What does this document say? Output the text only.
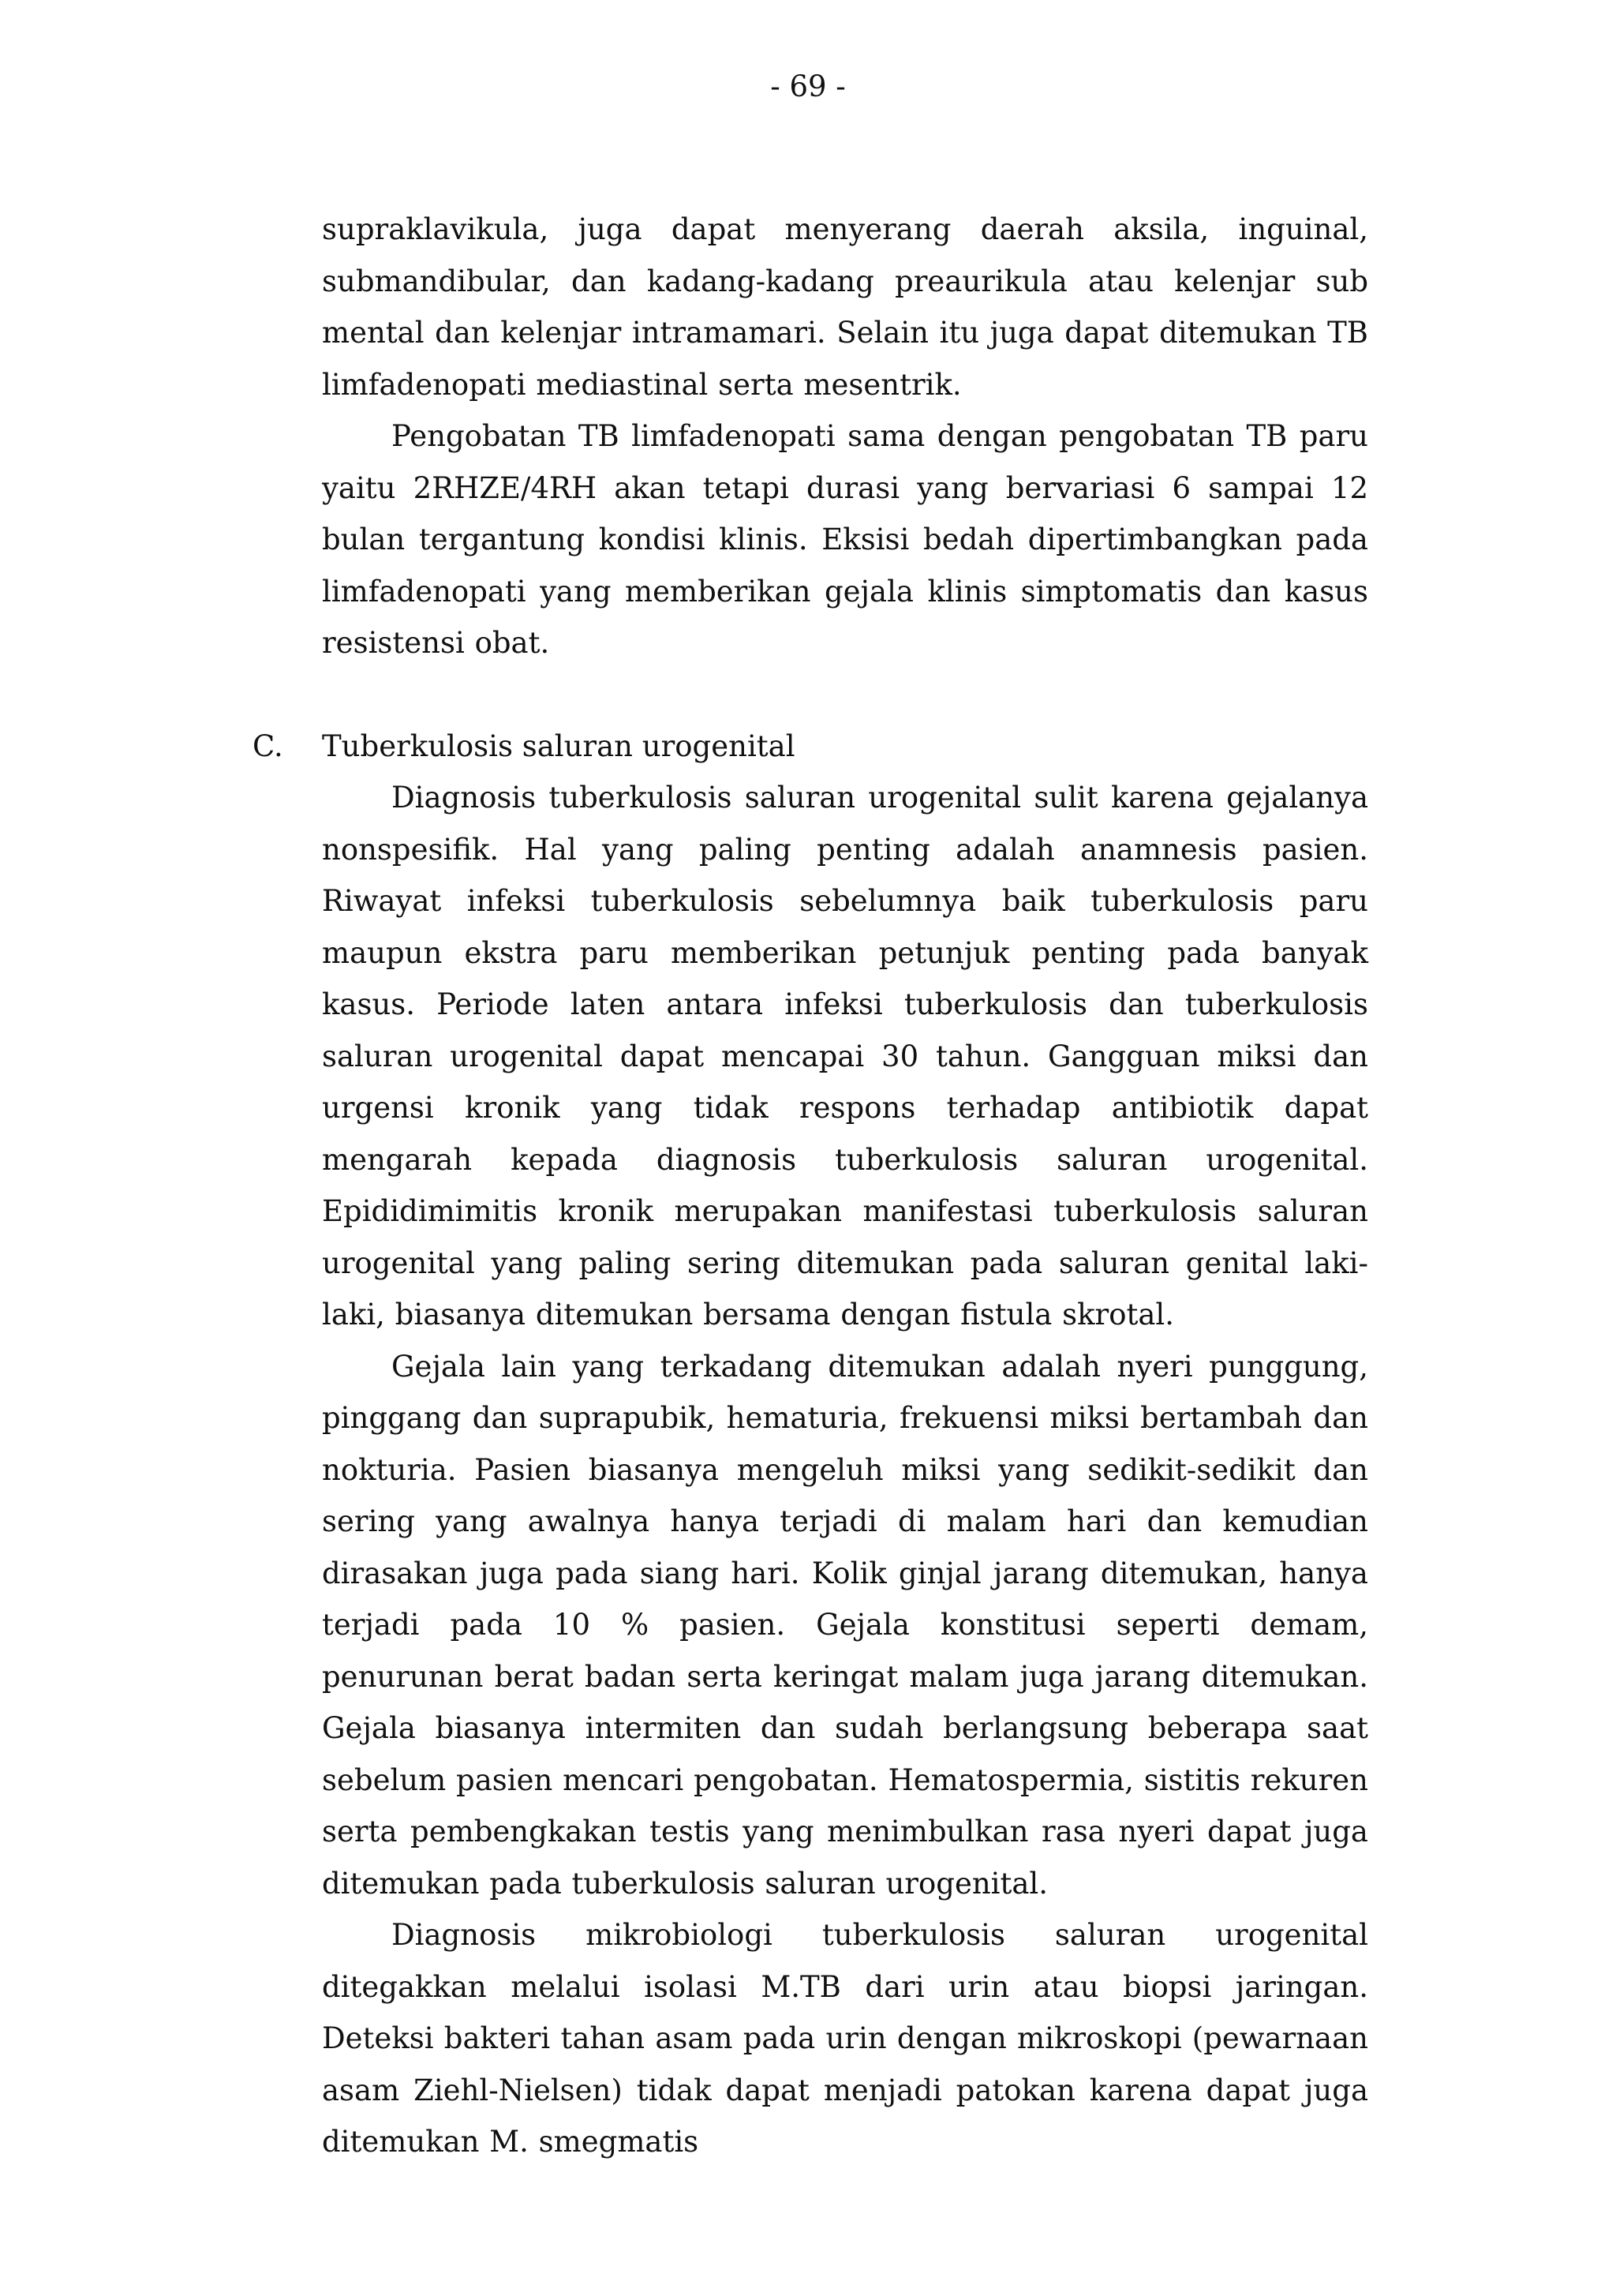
- 69 -

supraklavikula, juga dapat menyerang daerah aksila, inguinal, submandibular, dan kadang-kadang preaurikula atau kelenjar sub mental dan kelenjar intramamari. Selain itu juga dapat ditemukan TB limfadenopati mediastinal serta mesentrik.

Pengobatan TB limfadenopati sama dengan pengobatan TB paru yaitu 2RHZE/4RH akan tetapi durasi yang bervariasi 6 sampai 12 bulan tergantung kondisi klinis. Eksisi bedah dipertimbangkan pada limfadenopati yang memberikan gejala klinis simptomatis dan kasus resistensi obat.

C. Tuberkulosis saluran urogenital

Diagnosis tuberkulosis saluran urogenital sulit karena gejalanya nonspesifik. Hal yang paling penting adalah anamnesis pasien. Riwayat infeksi tuberkulosis sebelumnya baik tuberkulosis paru maupun ekstra paru memberikan petunjuk penting pada banyak kasus. Periode laten antara infeksi tuberkulosis dan tuberkulosis saluran urogenital dapat mencapai 30 tahun. Gangguan miksi dan urgensi kronik yang tidak respons terhadap antibiotik dapat mengarah kepada diagnosis tuberkulosis saluran urogenital. Epididimimitis kronik merupakan manifestasi tuberkulosis saluran urogenital yang paling sering ditemukan pada saluran genital laki-laki, biasanya ditemukan bersama dengan fistula skrotal.

Gejala lain yang terkadang ditemukan adalah nyeri punggung, pinggang dan suprapubik, hematuria, frekuensi miksi bertambah dan nokturia. Pasien biasanya mengeluh miksi yang sedikit-sedikit dan sering yang awalnya hanya terjadi di malam hari dan kemudian dirasakan juga pada siang hari. Kolik ginjal jarang ditemukan, hanya terjadi pada 10 % pasien. Gejala konstitusi seperti demam, penurunan berat badan serta keringat malam juga jarang ditemukan. Gejala biasanya intermiten dan sudah berlangsung beberapa saat sebelum pasien mencari pengobatan. Hematospermia, sistitis rekuren serta pembengkakan testis yang menimbulkan rasa nyeri dapat juga ditemukan pada tuberkulosis saluran urogenital.

Diagnosis mikrobiologi tuberkulosis saluran urogenital ditegakkan melalui isolasi M.TB dari urin atau biopsi jaringan. Deteksi bakteri tahan asam pada urin dengan mikroskopi (pewarnaan asam Ziehl-Nielsen) tidak dapat menjadi patokan karena dapat juga ditemukan M. smegmatis
